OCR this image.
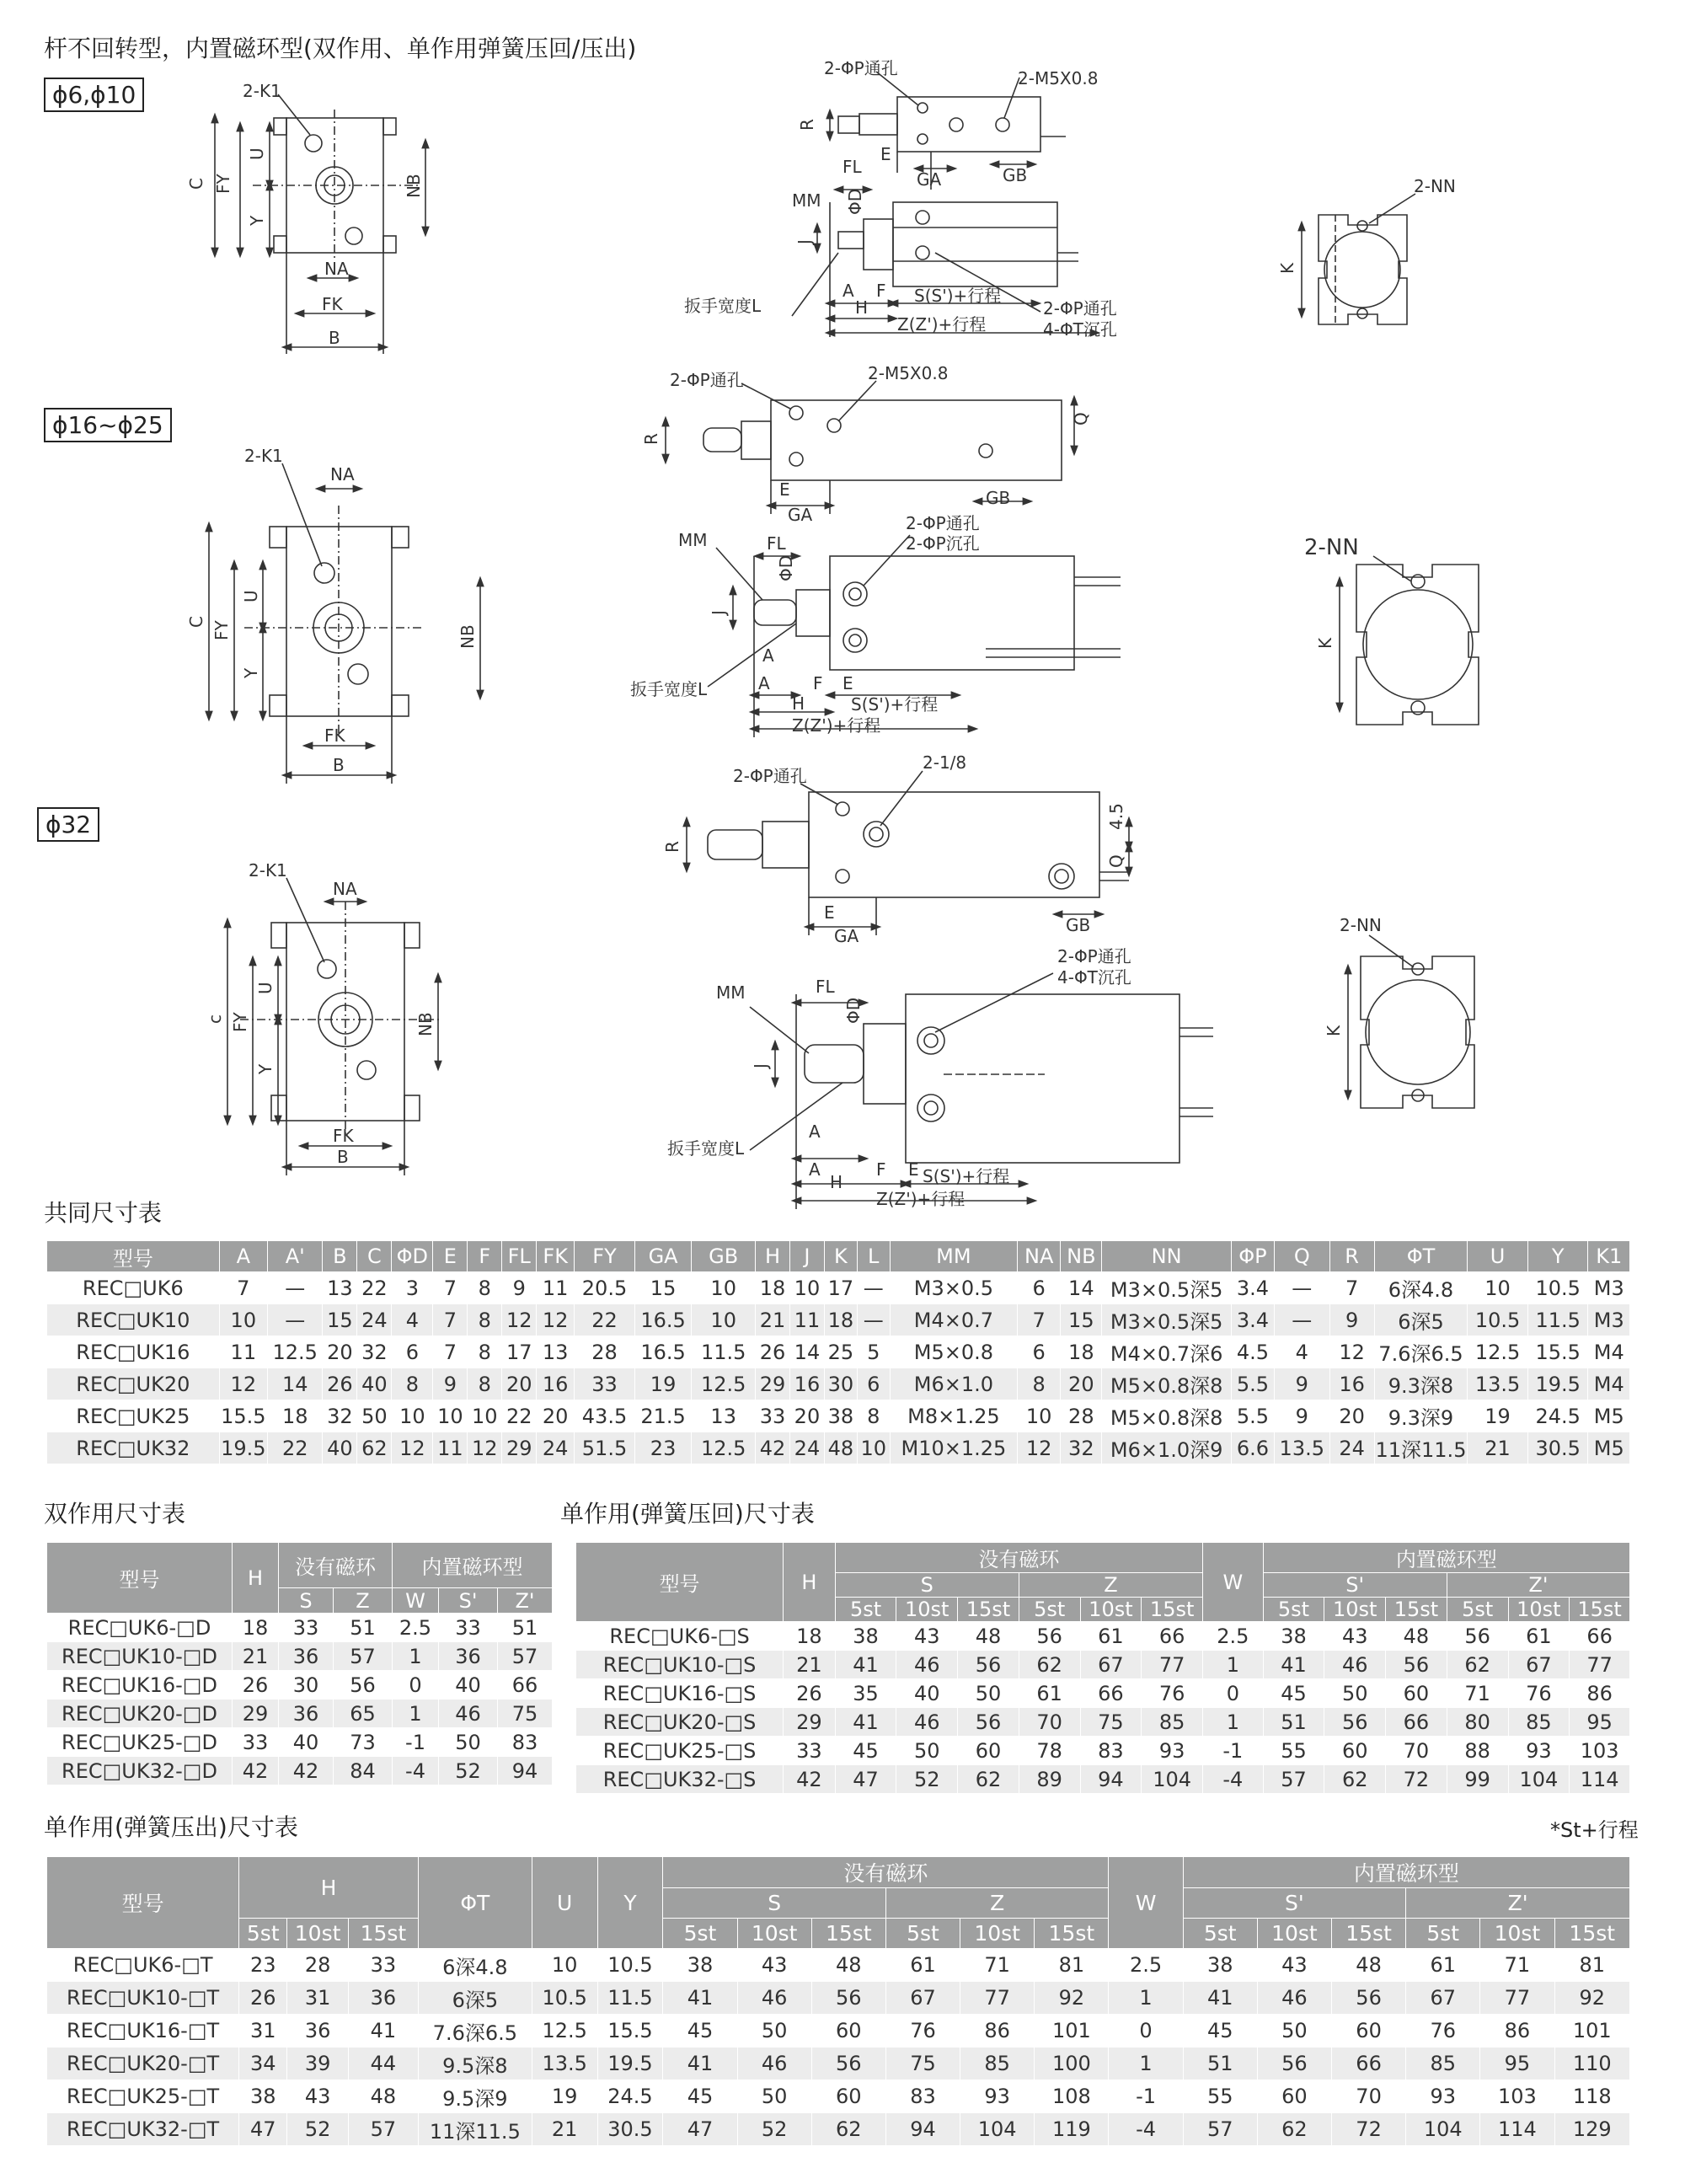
杆不回转型，内置磁环型(双作用、单作用弹簧压回/压出)
ϕ6,ϕ10
ϕ16~ϕ25
ϕ32
2-K1
C FY
U
Y
NB
NA
FK
B
2-ΦP通孔	2-M5X0.8
R
E
GA	GB
MM
FL
ΦD
J
A F
H
S(S')+行程
Z(Z')+行程
2-ΦP通孔
4-ΦT沉孔
扳手宽度L
2-NN
K
2-K1
NA
C FY
U
Y
NB
FK
B
2-ΦP通孔	2-M5X0.8
Q
R
E
GA
GB
MM	FL
ΦD
J
A
A	F E
H	S(S')+行程
Z(Z')+行程
2-ΦP通孔
2-ΦP沉孔
扳手宽度L
2-NN
K
2-K1
NA
c FY
U
Y
NB
FK
B
2-ΦP通孔
2-1/8
4.5
Q
R
E
GA
GB
MM	FL
ΦD
J
A
A	F E
H	S(S')+行程
Z(Z')+行程
2-ΦP通孔
4-ΦT沉孔
扳手宽度L
2-NN
K
共同尺寸表
型号	A	A'	B	C	ΦD	E	F	FL	FK	FY	GA	GB	H	J	K	L	MM	NA	NB	NN	ΦP	Q	R	ΦT	U	Y	K1
REC□UK6	7	—	13	22	3	7	8	9	11	20.5	15	10	18	10	17	—	M3×0.5	6	14	M3×0.5深5	3.4	—	7	6深4.8	10	10.5	M3
REC□UK10	10	—	15	24	4	7	8	12	12	22	16.5	10	21	11	18	—	M4×0.7	7	15	M3×0.5深5	3.4	—	9	6深5	10.5	11.5	M3
REC□UK16	11	12.5	20	32	6	7	8	17	13	28	16.5	11.5	26	14	25	5	M5×0.8	6	18	M4×0.7深6	4.5	4	12	7.6深6.5	12.5	15.5	M4
REC□UK20	12	14	26	40	8	9	8	20	16	33	19	12.5	29	16	30	6	M6×1.0	8	20	M5×0.8深8	5.5	9	16	9.3深8	13.5	19.5	M4
REC□UK25	15.5	18	32	50	10	10	10	22	20	43.5	21.5	13	33	20	38	8	M8×1.25	10	28	M5×0.8深8	5.5	9	20	9.3深9	19	24.5	M5
REC□UK32	19.5	22	40	62	12	11	12	29	24	51.5	23	12.5	42	24	48	10	M10×1.25	12	32	M6×1.0深9	6.6	13.5	24	11深11.5	21	30.5	M5
双作用尺寸表
型号	H	没有磁环		内置磁环型		
		S	Z	W	S'	Z'
REC□UK6-□D	18	33	51	2.5	33	51
REC□UK10-□D	21	36	57	1	36	57
REC□UK16-□D	26	30	56	0	40	66
REC□UK20-□D	29	36	65	1	46	75
REC□UK25-□D	33	40	73	-1	50	83
REC□UK32-□D	42	42	84	-4	52	94
单作用(弹簧压回)尺寸表
型号	H	没有磁环						W	内置磁环型					
		S			Z				S'			Z'		
		5st	10st	15st	5st	10st	15st		5st	10st	15st	5st	10st	15st
REC□UK6-□S	18	38	43	48	56	61	66	2.5	38	43	48	56	61	66
REC□UK10-□S	21	41	46	56	62	67	77	1	41	46	56	62	67	77
REC□UK16-□S	26	35	40	50	61	66	76	0	45	50	60	71	76	86
REC□UK20-□S	29	41	46	56	70	75	85	1	51	56	66	80	85	95
REC□UK25-□S	33	45	50	60	78	83	93	-1	55	60	70	88	93	103
REC□UK32-□S	42	47	52	62	89	94	104	-4	57	62	72	99	104	114
单作用(弹簧压出)尺寸表	*St+行程
型号	H			ΦT	U	Y	没有磁环						W	内置磁环型					
							S			Z				S'			Z'		
	5st	10st	15st				5st	10st	15st	5st	10st	15st		5st	10st	15st	5st	10st	15st
REC□UK6-□T	23	28	33	6深4.8	10	10.5	38	43	48	61	71	81	2.5	38	43	48	61	71	81
REC□UK10-□T	26	31	36	6深5	10.5	11.5	41	46	56	67	77	92	1	41	46	56	67	77	92
REC□UK16-□T	31	36	41	7.6深6.5	12.5	15.5	45	50	60	76	86	101	0	45	50	60	76	86	101
REC□UK20-□T	34	39	44	9.5深8	13.5	19.5	41	46	56	75	85	100	1	51	56	66	85	95	110
REC□UK25-□T	38	43	48	9.5深9	19	24.5	45	50	60	83	93	108	-1	55	60	70	93	103	118
REC□UK32-□T	47	52	57	11深11.5	21	30.5	47	52	62	94	104	119	-4	57	62	72	104	114	129
